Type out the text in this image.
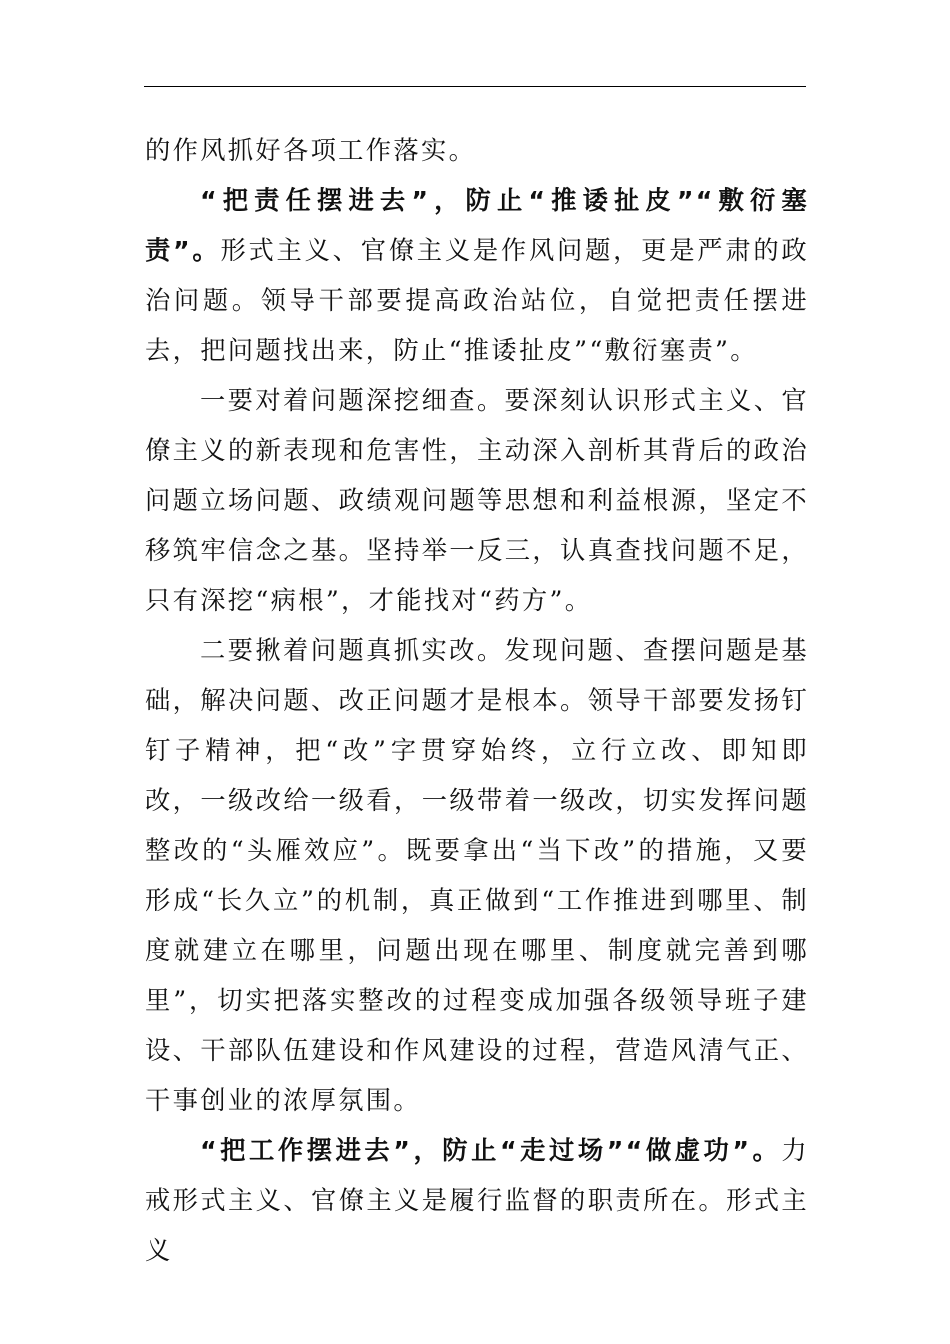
的作风抓好各项工作落实。

“把责任摆进去”，防止“推诿扯皮”“敷衍塞责”。形式主义、官僚主义是作风问题，更是严肃的政治问题。领导干部要提高政治站位，自觉把责任摆进去，把问题找出来，防止“推诿扯皮”“敷衍塞责”。

一要对着问题深挖细查。要深刻认识形式主义、官僚主义的新表现和危害性，主动深入剖析其背后的政治问题立场问题、政绩观问题等思想和利益根源，坚定不移筑牢信念之基。坚持举一反三，认真查找问题不足，只有深挖“病根”，才能找对“药方”。

二要揪着问题真抓实改。发现问题、查摆问题是基础，解决问题、改正问题才是根本。领导干部要发扬钉钉子精神，把“改”字贯穿始终，立行立改、即知即改，一级改给一级看，一级带着一级改，切实发挥问题整改的“头雁效应”。既要拿出“当下改”的措施，又要形成“长久立”的机制，真正做到“工作推进到哪里、制度就建立在哪里，问题出现在哪里、制度就完善到哪里”，切实把落实整改的过程变成加强各级领导班子建设、干部队伍建设和作风建设的过程，营造风清气正、干事创业的浓厚氛围。

“把工作摆进去”，防止“走过场”“做虚功”。力戒形式主义、官僚主义是履行监督的职责所在。形式主义
